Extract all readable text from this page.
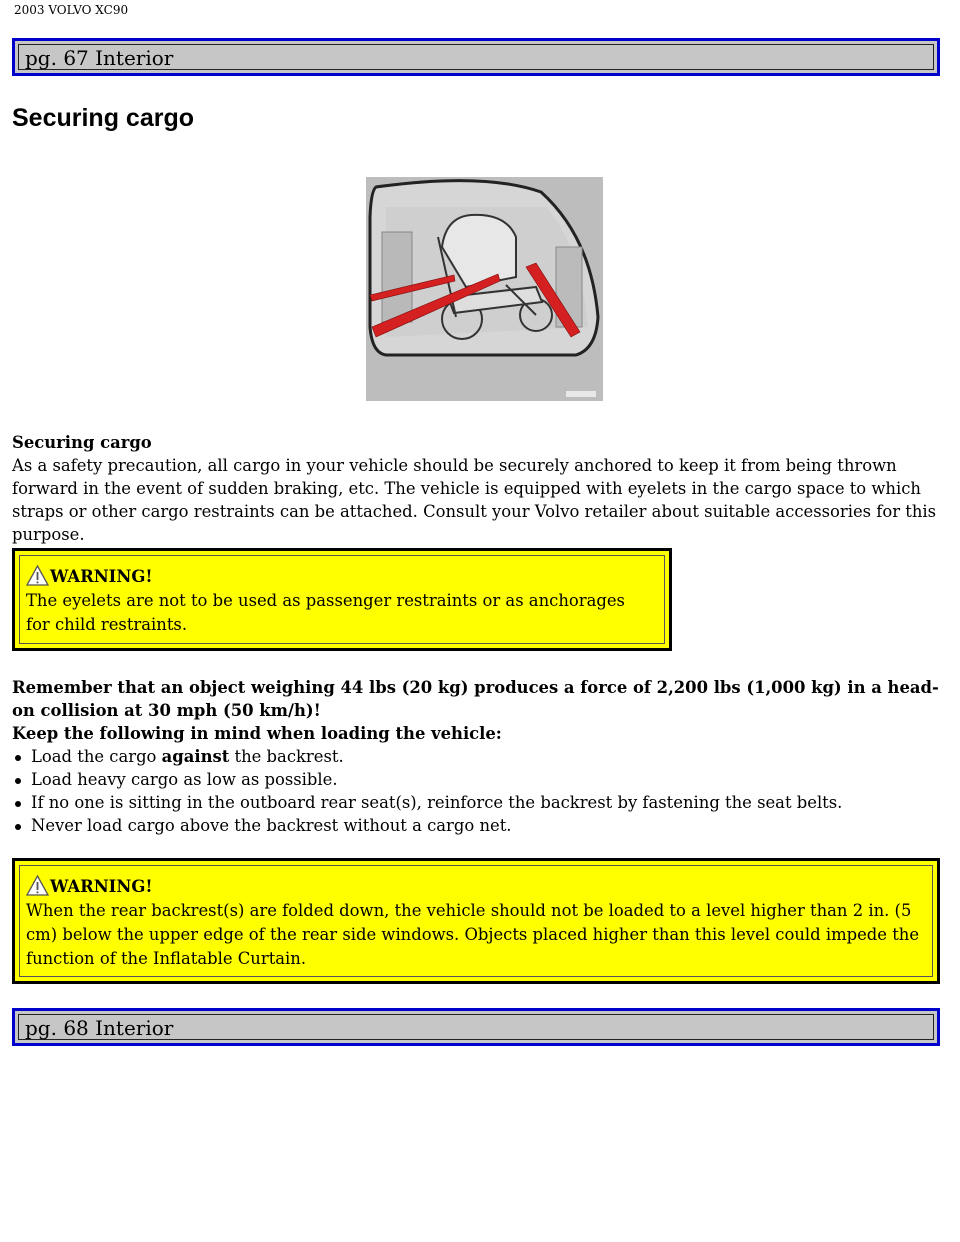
2003 VOLVO XC90
pg. 67 Interior
Securing cargo
Securing cargo
As a safety precaution, all cargo in your vehicle should be securely anchored to keep it from being thrown forward in the event of sudden braking, etc. The vehicle is equipped with eyelets in the cargo space to which straps or other cargo restraints can be attached. Consult your Volvo retailer about suitable accessories for this purpose.
WARNING!
The eyelets are not to be used as passenger restraints or as anchorages for child restraints.
Remember that an object weighing 44 lbs (20 kg) produces a force of 2,200 lbs (1,000 kg) in a head-on collision at 30 mph (50 km/h)!
Keep the following in mind when loading the vehicle:
Load the cargo against the backrest.
Load heavy cargo as low as possible.
If no one is sitting in the outboard rear seat(s), reinforce the backrest by fastening the seat belts.
Never load cargo above the backrest without a cargo net.
WARNING!
When the rear backrest(s) are folded down, the vehicle should not be loaded to a level higher than 2 in. (5 cm) below the upper edge of the rear side windows. Objects placed higher than this level could impede the function of the Inflatable Curtain.
pg. 68 Interior
